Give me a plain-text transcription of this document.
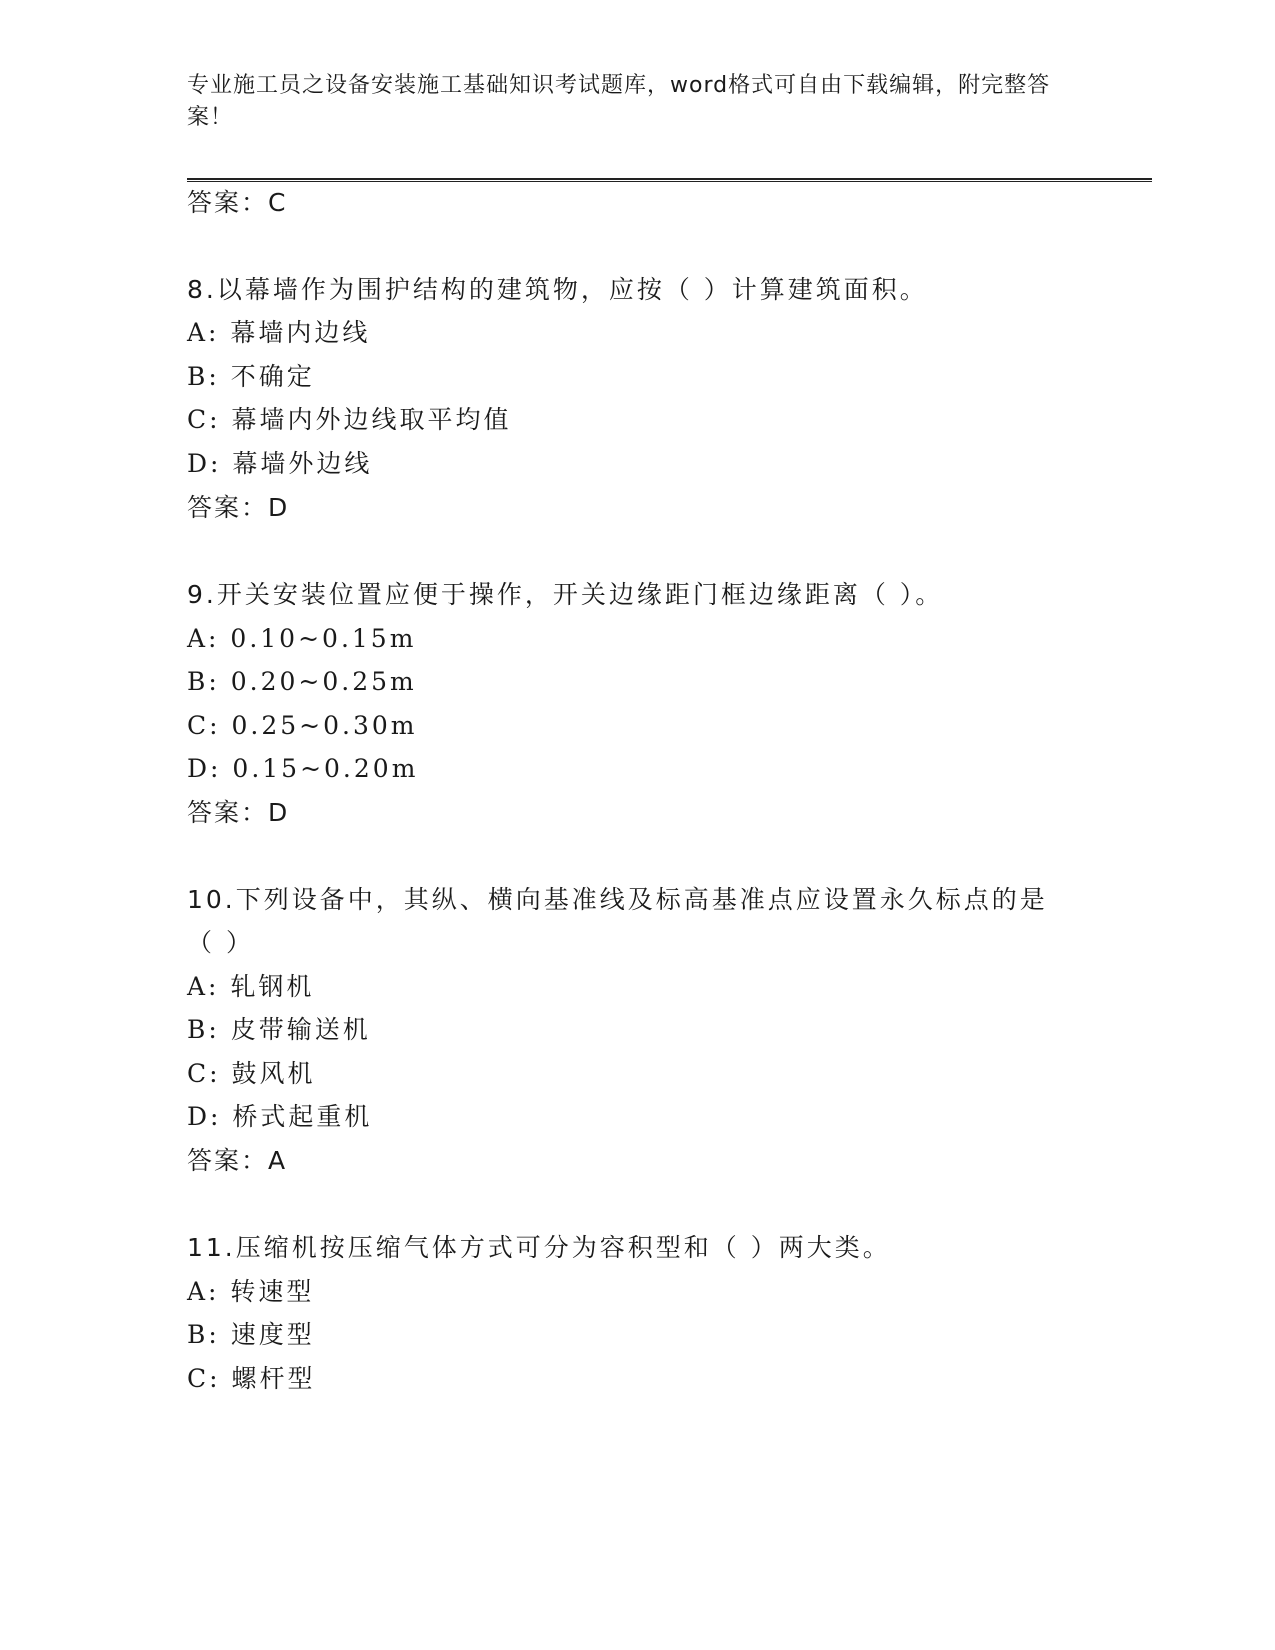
专业施工员之设备安装施工基础知识考试题库，word格式可自由下载编辑，附完整答案！
答案：C
8.以幕墙作为围护结构的建筑物，应按（ ）计算建筑面积。
A: 幕墙内边线
B: 不确定
C: 幕墙内外边线取平均值
D: 幕墙外边线
答案：D
9.开关安装位置应便于操作，开关边缘距门框边缘距离（ ）。
A: 0.10~0.15m
B: 0.20~0.25m
C: 0.25~0.30m
D: 0.15~0.20m
答案：D
10.下列设备中，其纵、横向基准线及标高基准点应设置永久标点的是
（ ）
A: 轧钢机
B: 皮带输送机
C: 鼓风机
D: 桥式起重机
答案：A
11.压缩机按压缩气体方式可分为容积型和（ ）两大类。
A: 转速型
B: 速度型
C: 螺杆型
